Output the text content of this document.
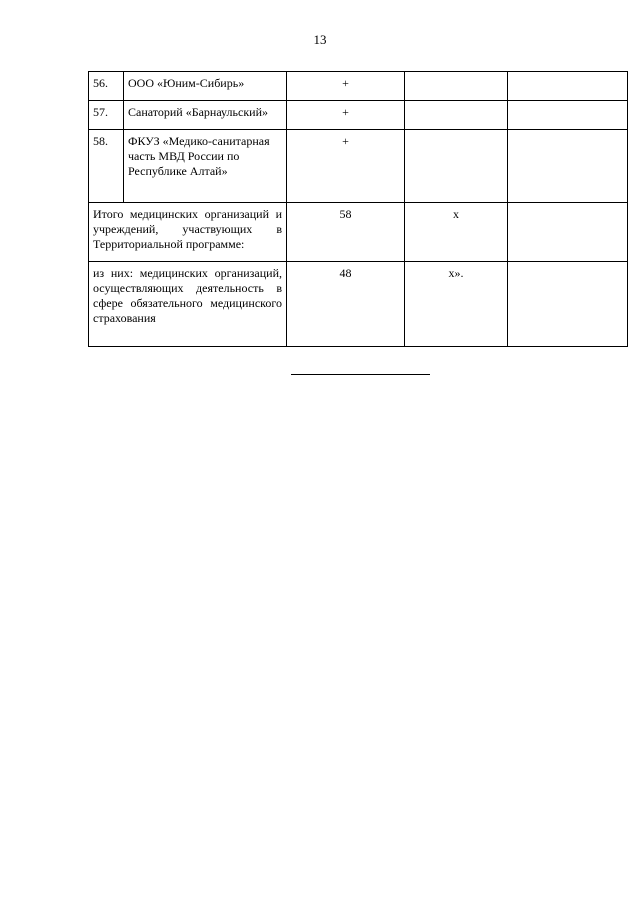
13
56.	ООО «Юним-Сибирь»	+		
57.	Санаторий «Барнаульский»	+		
58.	ФКУЗ «Медико-санитарная часть МВД России по Республике Алтай»	+		
Итого медицинских организаций и учреждений, участвующих в Территориальной программе:		58	х	
из них: медицинских организаций, осуществляющих деятельность в сфере обязательного медицинского страхования		48	х».	
